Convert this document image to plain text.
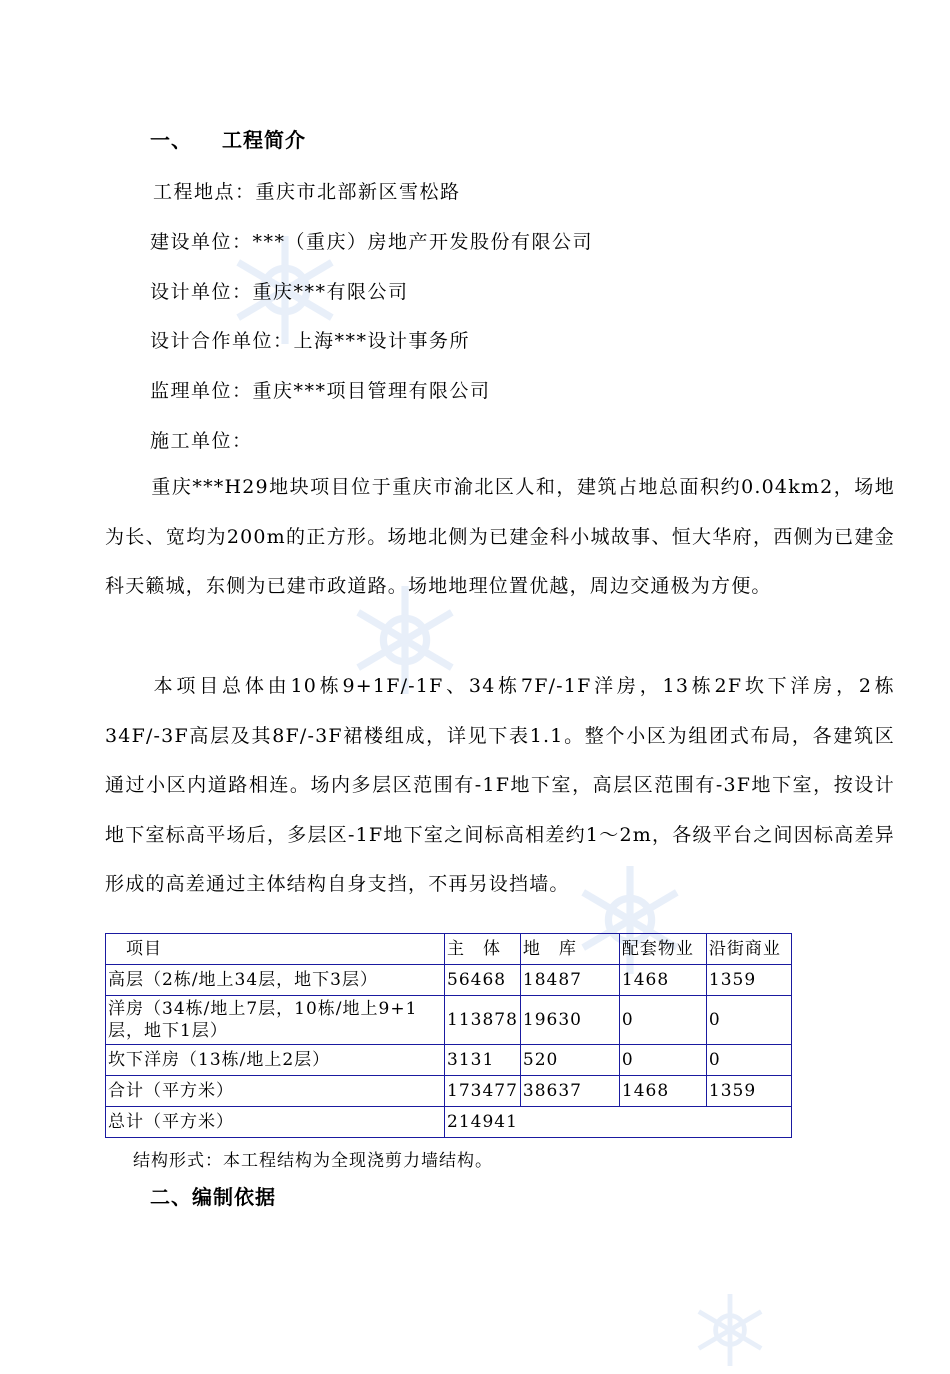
一、 工程简介
工程地点：重庆市北部新区雪松路
建设单位：***（重庆）房地产开发股份有限公司
设计单位：重庆***有限公司
设计合作单位：上海***设计事务所
监理单位：重庆***项目管理有限公司
施工单位：
重庆***H29地块项目位于重庆市渝北区人和，建筑占地总面积约0.04km2，场地为长、宽均为200m的正方形。场地北侧为已建金科小城故事、恒大华府，西侧为已建金科天籁城，东侧为已建市政道路。场地地理位置优越，周边交通极为方便。
本项目总体由10栋9+1F/-1F、34栋7F/-1F洋房，13栋2F坎下洋房，2栋34F/-3F高层及其8F/-3F裙楼组成，详见下表1.1。整个小区为组团式布局，各建筑区通过小区内道路相连。场内多层区范围有-1F地下室，高层区范围有-3F地下室，按设计地下室标高平场后，多层区-1F地下室之间标高相差约1～2m，各级平台之间因标高差异形成的高差通过主体结构自身支挡，不再另设挡墙。
项目	主　体	地　库	配套物业	沿街商业
高层（2栋/地上34层，地下3层）	56468	18487	1468	1359
洋房（34栋/地上7层，10栋/地上9+1层，地下1层）	113878	19630	0	0
坎下洋房（13栋/地上2层）	3131	520	0	0
合计（平方米）	173477	38637	1468	1359
总计（平方米）	214941			
结构形式：本工程结构为全现浇剪力墙结构。
二、编制依据
